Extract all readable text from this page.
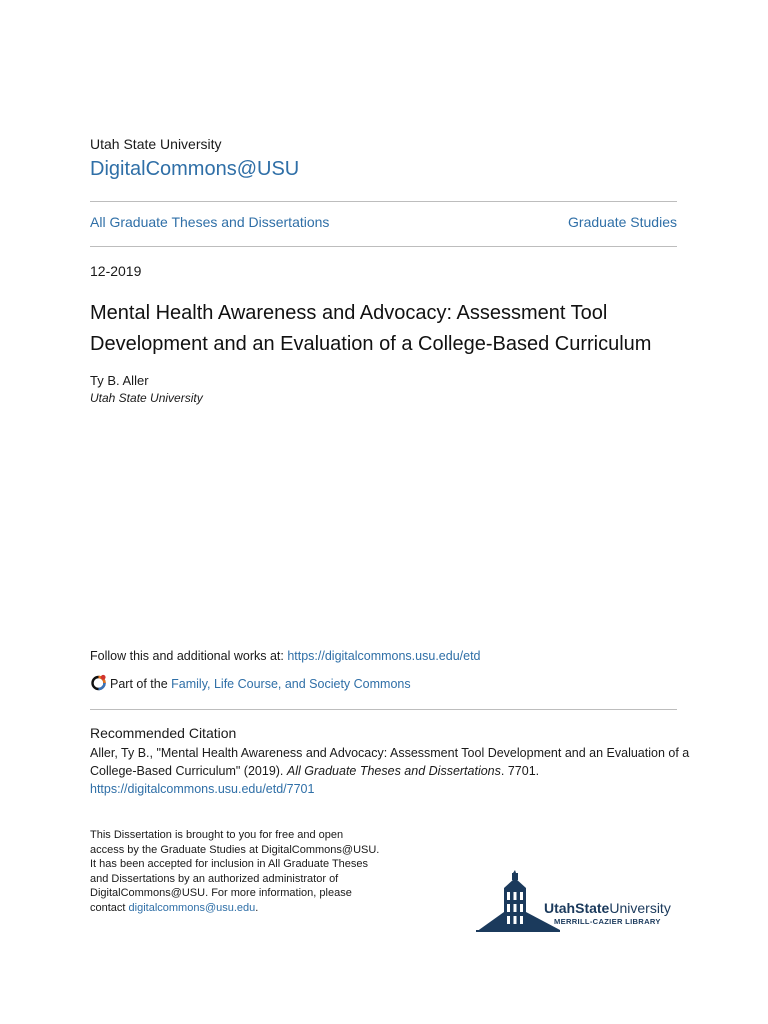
Utah State University
DigitalCommons@USU
All Graduate Theses and Dissertations	Graduate Studies
12-2019
Mental Health Awareness and Advocacy: Assessment Tool Development and an Evaluation of a College-Based Curriculum
Ty B. Aller
Utah State University
Follow this and additional works at: https://digitalcommons.usu.edu/etd
Part of the Family, Life Course, and Society Commons
Recommended Citation
Aller, Ty B., "Mental Health Awareness and Advocacy: Assessment Tool Development and an Evaluation of a College-Based Curriculum" (2019). All Graduate Theses and Dissertations. 7701.
https://digitalcommons.usu.edu/etd/7701
This Dissertation is brought to you for free and open access by the Graduate Studies at DigitalCommons@USU. It has been accepted for inclusion in All Graduate Theses and Dissertations by an authorized administrator of DigitalCommons@USU. For more information, please contact digitalcommons@usu.edu.	UtahStateUniversity
MERRILL-CAZIER LIBRARY
